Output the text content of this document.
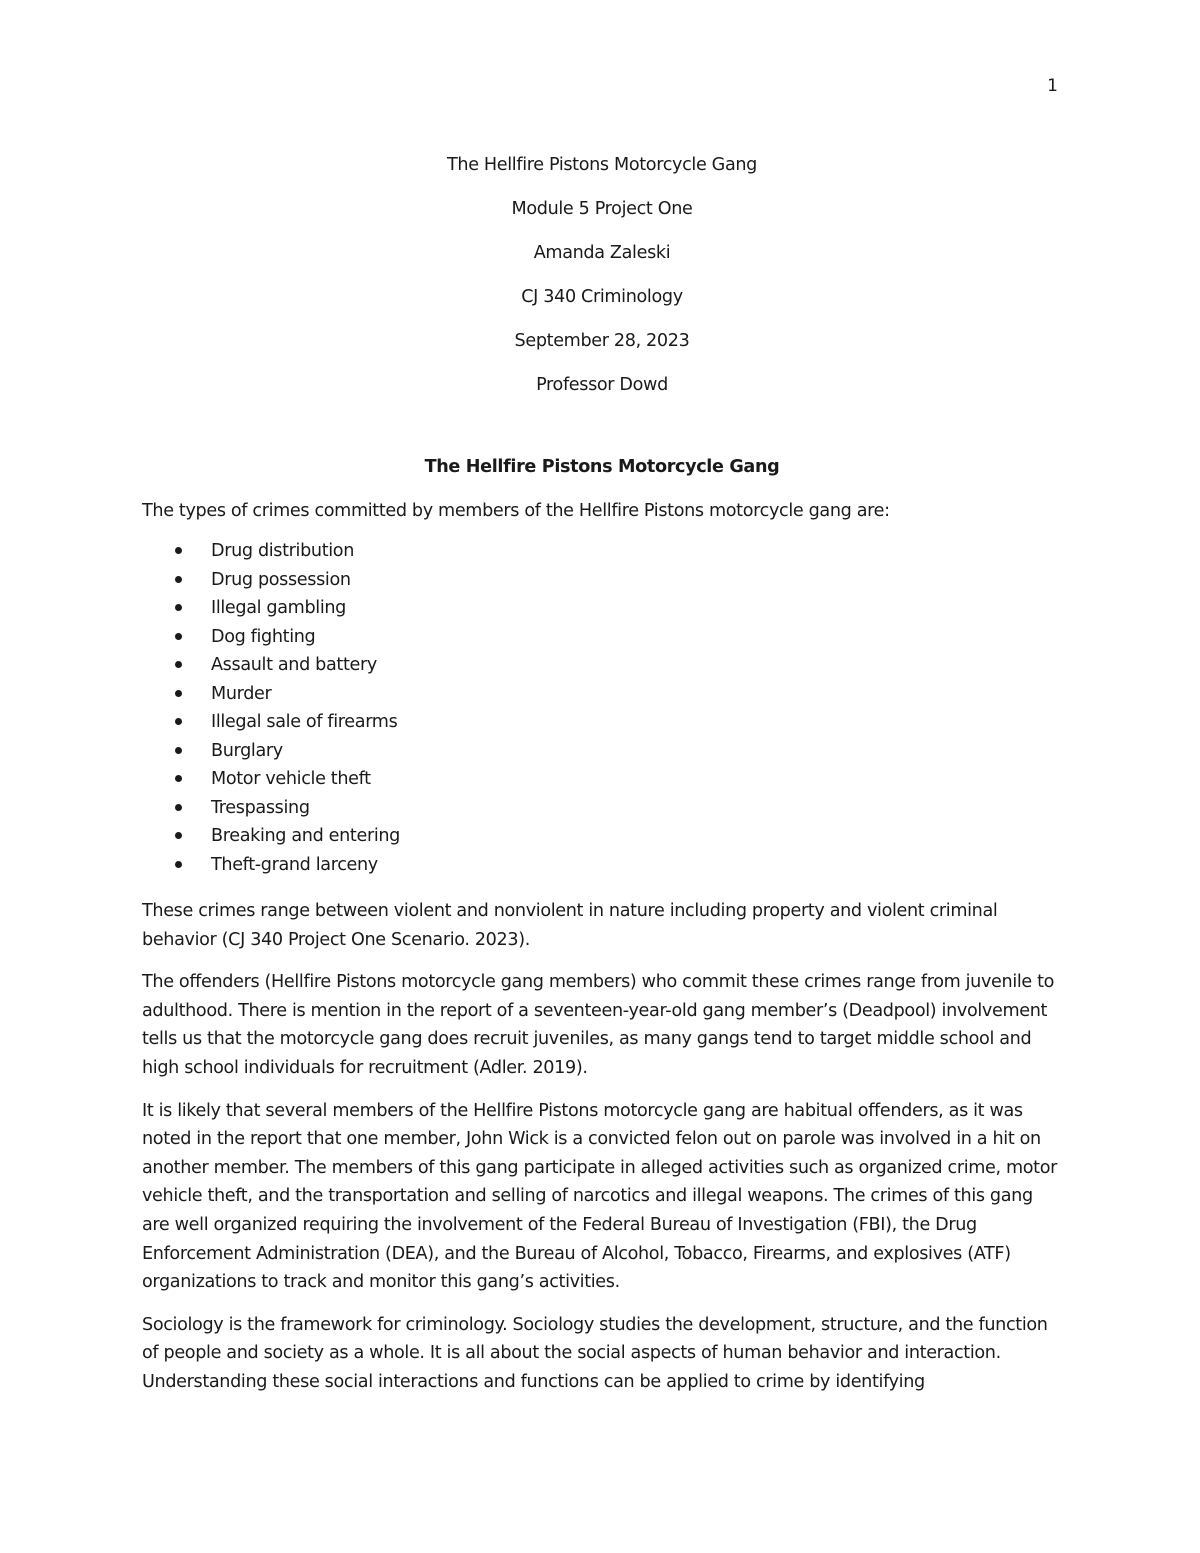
1
The Hellfire Pistons Motorcycle Gang
Module 5 Project One
Amanda Zaleski
CJ 340 Criminology
September 28, 2023
Professor Dowd
The Hellfire Pistons Motorcycle Gang
The types of crimes committed by members of the Hellfire Pistons motorcycle gang are:
Drug distribution
Drug possession
Illegal gambling
Dog fighting
Assault and battery
Murder
Illegal sale of firearms
Burglary
Motor vehicle theft
Trespassing
Breaking and entering
Theft-grand larceny

These crimes range between violent and nonviolent in nature including property and violent criminal behavior (CJ 340 Project One Scenario. 2023).

The offenders (Hellfire Pistons motorcycle gang members) who commit these crimes range from juvenile to adulthood. There is mention in the report of a seventeen-year-old gang member’s (Deadpool) involvement tells us that the motorcycle gang does recruit juveniles, as many gangs tend to target middle school and high school individuals for recruitment (Adler. 2019).

It is likely that several members of the Hellfire Pistons motorcycle gang are habitual offenders, as it was noted in the report that one member, John Wick is a convicted felon out on parole was involved in a hit on another member. The members of this gang participate in alleged activities such as organized crime, motor vehicle theft, and the transportation and selling of narcotics and illegal weapons. The crimes of this gang are well organized requiring the involvement of the Federal Bureau of Investigation (FBI), the Drug Enforcement Administration (DEA), and the Bureau of Alcohol, Tobacco, Firearms, and explosives (ATF) organizations to track and monitor this gang’s activities.

Sociology is the framework for criminology. Sociology studies the development, structure, and the function of people and society as a whole. It is all about the social aspects of human behavior and interaction. Understanding these social interactions and functions can be applied to crime by identifying
